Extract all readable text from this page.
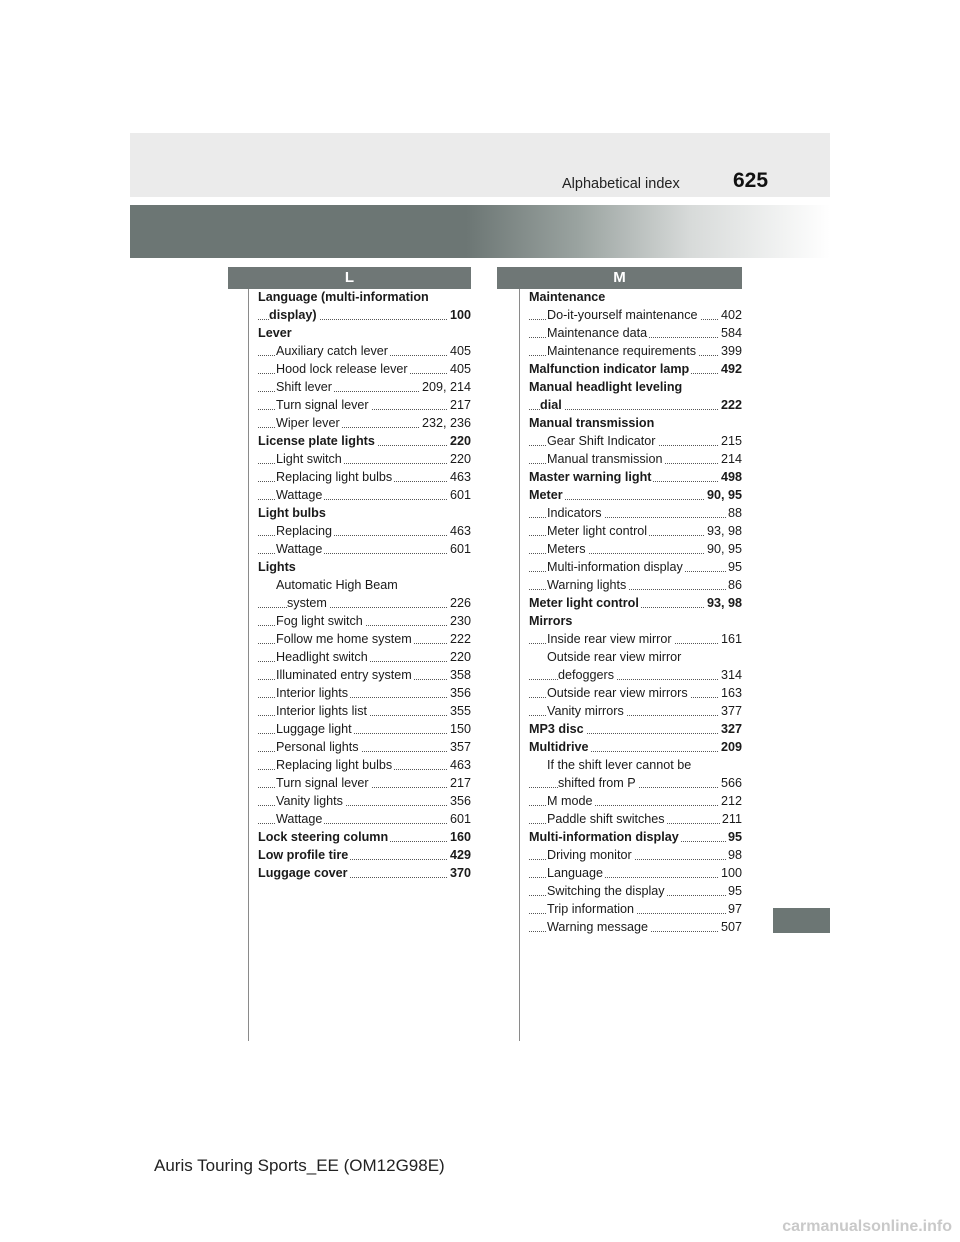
Alphabetical index	625
L	M
Language (multi-information
display)	100
Lever
Auxiliary catch lever	405
Hood lock release lever	405
Shift lever	209, 214
Turn signal lever	217
Wiper lever	232, 236
License plate lights	220
Light switch	220
Replacing light bulbs	463
Wattage	601
Light bulbs
Replacing	463
Wattage	601
Lights
Automatic High Beam
system	226
Fog light switch	230
Follow me home system	222
Headlight switch	220
Illuminated entry system	358
Interior lights	356
Interior lights list	355
Luggage light	150
Personal lights	357
Replacing light bulbs	463
Turn signal lever	217
Vanity lights	356
Wattage	601
Lock steering column	160
Low profile tire	429
Luggage cover	370
Maintenance
Do-it-yourself maintenance 402
Maintenance data	584
Maintenance requirements 399
Malfunction indicator lamp	492
Manual headlight leveling
dial	222
Manual transmission
Gear Shift Indicator	215
Manual transmission	214
Master warning light	498
Meter	90, 95
Indicators	88
Meter light control	93, 98
Meters	90, 95
Multi-information display	95
Warning lights	86
Meter light control	93, 98
Mirrors
Inside rear view mirror	161
Outside rear view mirror
defoggers	314
Outside rear view mirrors	163
Vanity mirrors	377
MP3 disc	327
Multidrive	209
If the shift lever cannot be
shifted from P	566
M mode	212
Paddle shift switches	211
Multi-information display	95
Driving monitor	98
Language	100
Switching the display	95
Trip information	97
Warning message	507
Auris Touring Sports_EE (OM12G98E)
carmanualsonline.info
